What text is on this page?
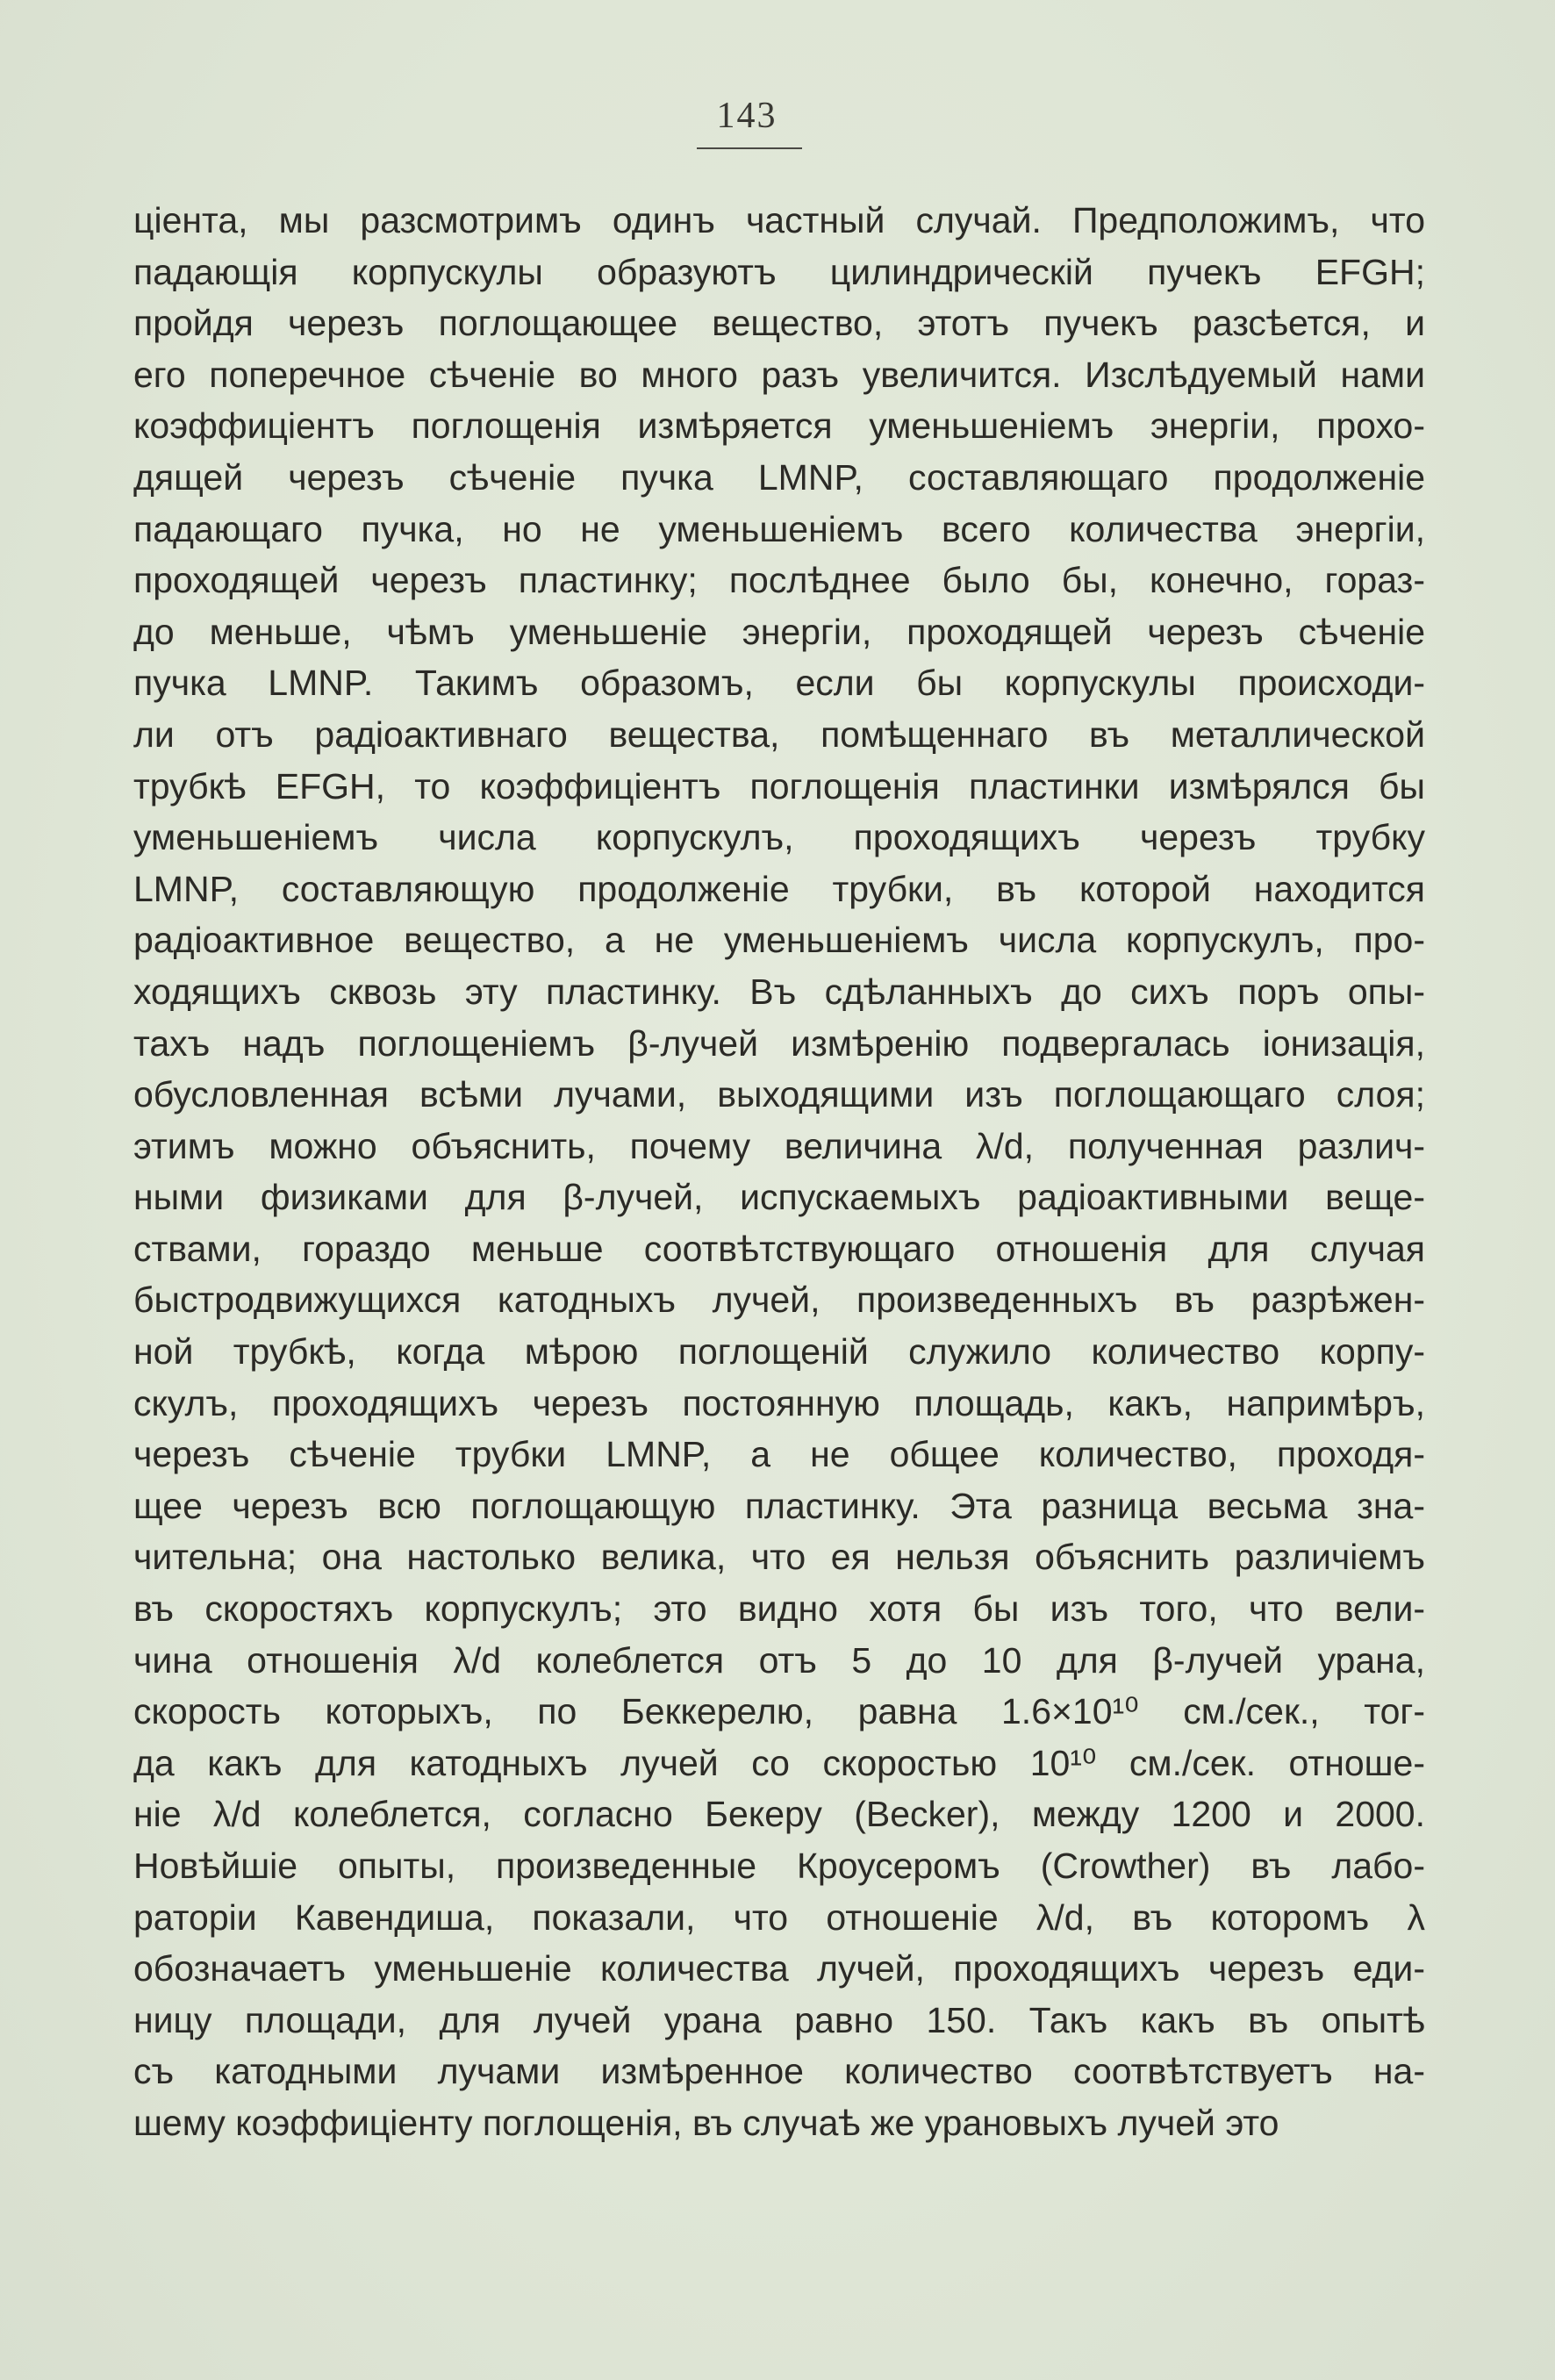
143
ціента, мы разсмотримъ одинъ частный случай. Предположимъ, что
падающія корпускулы образуютъ цилиндрическій пучекъ EFGH;
пройдя черезъ поглощающее вещество, этотъ пучекъ разсѣется, и
его поперечное сѣченіе во много разъ увеличится. Изслѣдуемый нами
коэффиціентъ поглощенія измѣряется уменьшеніемъ энергіи, прохо-
дящей черезъ сѣченіе пучка LMNP, составляющаго продолженіе
падающаго пучка, но не уменьшеніемъ всего количества энергіи,
проходящей черезъ пластинку; послѣднее было бы, конечно, гораз-
до меньше, чѣмъ уменьшеніе энергіи, проходящей черезъ сѣченіе
пучка LMNP. Такимъ образомъ, если бы корпускулы происходи-
ли отъ радіоактивнаго вещества, помѣщеннаго въ металлической
трубкѣ EFGH, то коэффиціентъ поглощенія пластинки измѣрялся бы
уменьшеніемъ числа корпускулъ, проходящихъ черезъ трубку
LMNP, составляющую продолженіе трубки, въ которой находится
радіоактивное вещество, а не уменьшеніемъ числа корпускулъ, про-
ходящихъ сквозь эту пластинку. Въ сдѣланныхъ до сихъ поръ опы-
тахъ надъ поглощеніемъ β-лучей измѣренію подвергалась іонизація,
обусловленная всѣми лучами, выходящими изъ поглощающаго слоя;
этимъ можно объяснить, почему величина λ/d, полученная различ-
ными физиками для β-лучей, испускаемыхъ радіоактивными веще-
ствами, гораздо меньше соотвѣтствующаго отношенія для случая
быстродвижущихся катодныхъ лучей, произведенныхъ въ разрѣжен-
ной трубкѣ, когда мѣрою поглощеній служило количество корпу-
скулъ, проходящихъ черезъ постоянную площадь, какъ, напримѣръ,
черезъ сѣченіе трубки LMNP, а не общее количество, проходя-
щее черезъ всю поглощающую пластинку. Эта разница весьма зна-
чительна; она настолько велика, что ея нельзя объяснить различіемъ
въ скоростяхъ корпускулъ; это видно хотя бы изъ того, что вели-
чина отношенія λ/d колеблется отъ 5 до 10 для β-лучей урана,
скорость которыхъ, по Беккерелю, равна 1.6×10¹⁰ см./сек., тог-
да какъ для катодныхъ лучей со скоростью 10¹⁰ см./сек. отноше-
ніе λ/d колеблется, согласно Бекеру (Becker), между 1200 и 2000.
Новѣйшіе опыты, произведенные Кроусеромъ (Crowther) въ лабо-
раторіи Кавендиша, показали, что отношеніе λ/d, въ которомъ λ
обозначаетъ уменьшеніе количества лучей, проходящихъ черезъ еди-
ницу площади, для лучей урана равно 150. Такъ какъ въ опытѣ
съ катодными лучами измѣренное количество соотвѣтствуетъ на-
шему коэффиціенту поглощенія, въ случаѣ же урановыхъ лучей это
